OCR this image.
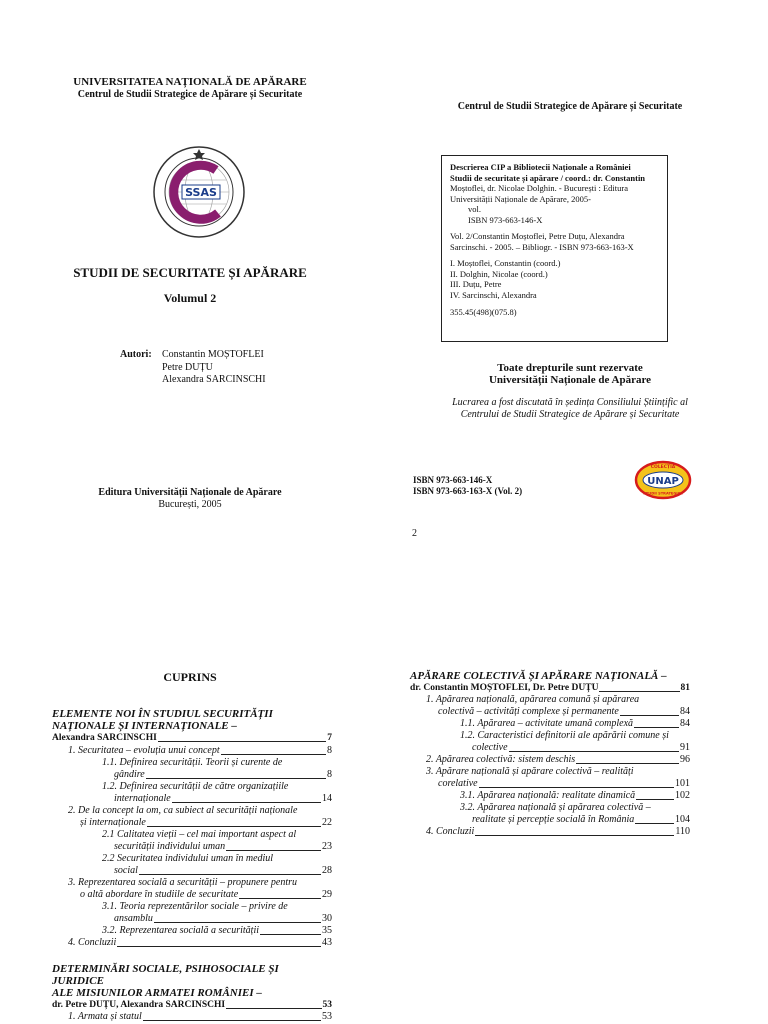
UNIVERSITATEA NAȚIONALĂ DE APĂRARE
Centrul de Studii Strategice de Apărare și Securitate
SSAS
STUDII DE SECURITATE ȘI APĂRARE
Volumul 2
Autori: Constantin MOȘTOFLEI
Petre DUȚU
Alexandra SARCINSCHI
Editura Universității Naționale de Apărare
București, 2005
Centrul de Studii Strategice de Apărare și Securitate

Descrierea CIP a Bibliotecii Naționale a României

Studii de securitate și apărare / coord.: dr. Constantin

Moștoflei, dr. Nicolae Dolghin. - București : Editura

Universității Naționale de Apărare, 2005-

vol.

ISBN 973-663-146-X

Vol. 2/Constantin Moștoflei, Petre Duțu, Alexandra

Sarcinschi. - 2005. – Bibliogr. - ISBN 973-663-163-X

I. Moștoflei, Constantin (coord.)

II. Dolghin, Nicolae (coord.)

III. Duțu, Petre

IV. Sarcinschi, Alexandra

355.45(498)(075.8)

Toate drepturile sunt rezervate
Universității Naționale de Apărare
Lucrarea a fost discutată în ședința Consiliului Științific al
Centrului de Studii Strategice de Apărare și Securitate
ISBN 973-663-146-X
ISBN 973-663-163-X (Vol. 2)
COLECȚIA
UNAP
STUDII STRATEGICE
2
CUPRINS
ELEMENTE NOI ÎN STUDIUL SECURITĂȚII
NAȚIONALE ȘI INTERNAȚIONALE –
Alexandra SARCINSCHI	7
1. Securitatea – evoluția unui concept	8
1.1. Definirea securității. Teorii și curente de
gândire	8
1.2. Definirea securității de către organizațiile
internaționale	14
2. De la concept la om, ca subiect al securității naționale
și internaționale	22
2.1 Calitatea vieții – cel mai important aspect al
securității individului uman	23
2.2 Securitatea individului uman în mediul
social	28
3. Reprezentarea socială a securității – propunere pentru
o altă abordare în studiile de securitate	29
3.1. Teoria reprezentărilor sociale – privire de
ansamblu	30
3.2. Reprezentarea socială a securității	35
4. Concluzii	43
DETERMINĂRI SOCIALE, PSIHOSOCIALE ȘI JURIDICE
ALE MISIUNILOR ARMATEI ROMÂNIEI –
dr. Petre DUȚU, Alexandra SARCINSCHI	53
1. Armata și statul	53
APĂRARE COLECTIVĂ ȘI APĂRARE NAȚIONALĂ –
dr. Constantin MOȘTOFLEI, Dr. Petre DUȚU	81
1. Apărarea națională, apărarea comună și apărarea
colectivă – activități complexe și permanente	84
1.1. Apărarea – activitate umană complexă	84
1.2. Caracteristici definitorii ale apărării comune și
colective	91
2. Apărarea colectivă: sistem deschis	96
3. Apărare națională și apărare colectivă – realități
corelative	101
3.1. Apărarea națională: realitate dinamică	102
3.2. Apărarea națională și apărarea colectivă –
realitate și percepție socială în România	104
4. Concluzii	110
